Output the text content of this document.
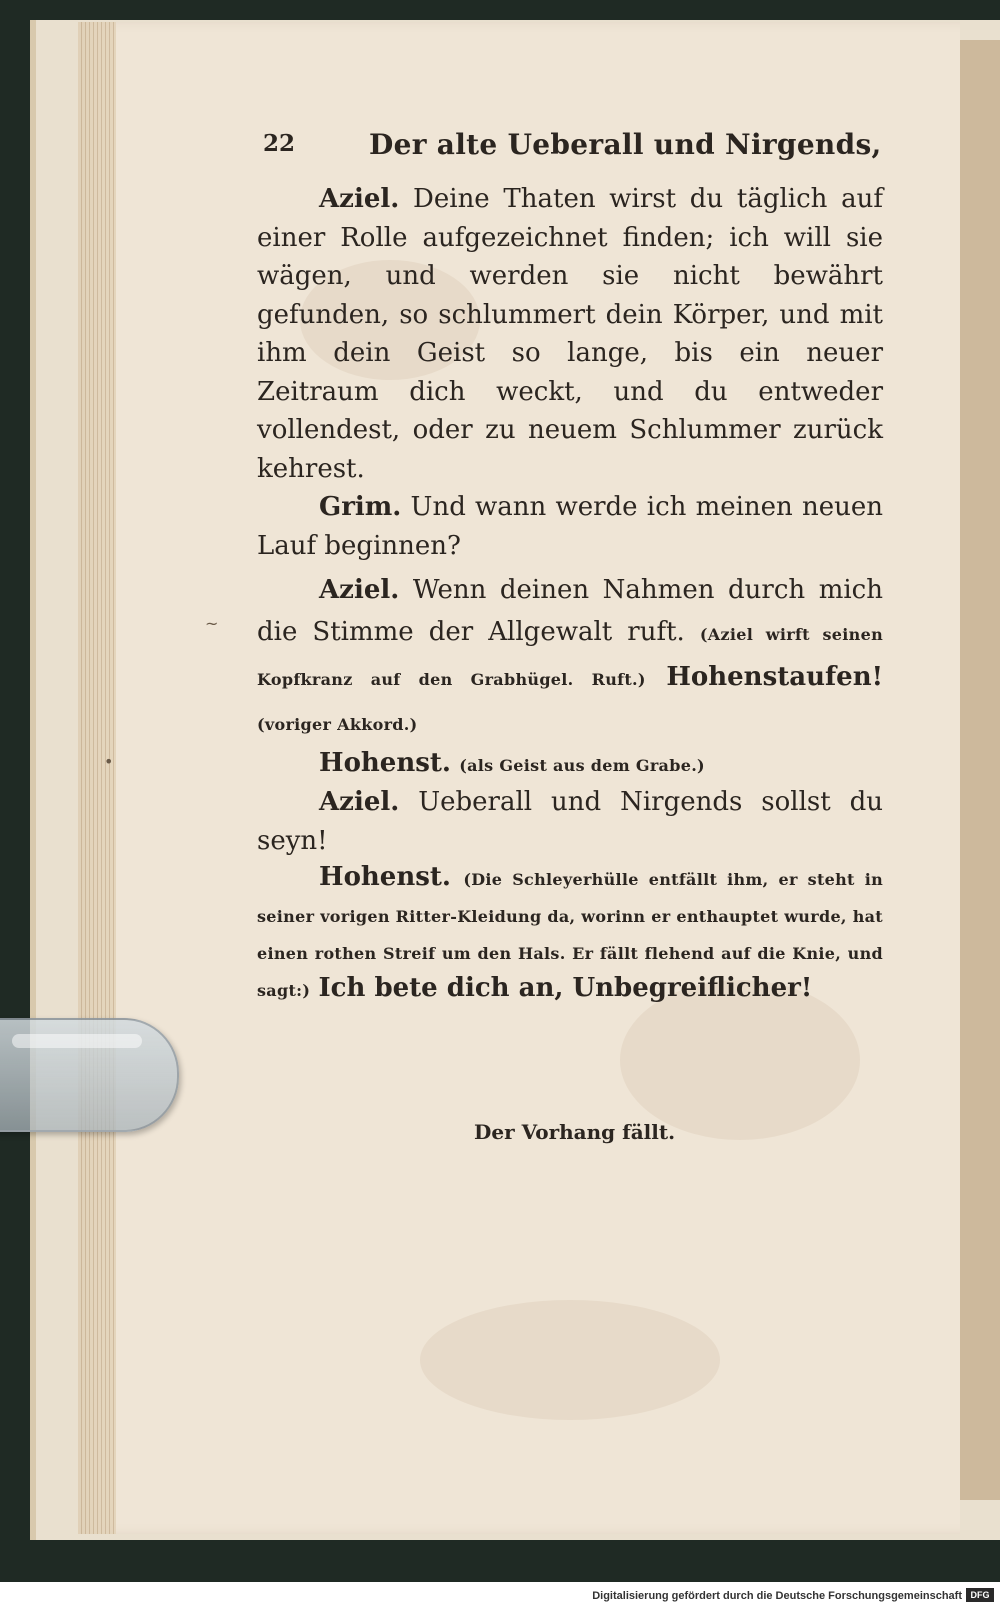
~
•
22	Der alte Ueberall und Nirgends,

Aziel. Deine Thaten wirst du täglich auf einer Rolle aufgezeichnet finden; ich will sie wägen, und werden sie nicht bewährt gefunden, so schlummert dein Körper, und mit ihm dein Geist so lange, bis ein neuer Zeitraum dich weckt, und du entweder vollendest, oder zu neuem Schlummer zurück kehrest.

Grim. Und wann werde ich meinen neuen Lauf beginnen?

Aziel. Wenn deinen Nahmen durch mich die Stimme der Allgewalt ruft. (Aziel wirft seinen Kopfkranz auf den Grabhügel. Ruft.) Hohenstaufen! (voriger Akkord.)

Hohenst. (als Geist aus dem Grabe.)

Aziel. Ueberall und Nirgends sollst du seyn!

Hohenst. (Die Schleyerhülle entfällt ihm, er steht in seiner vorigen Ritter-Kleidung da, worinn er enthauptet wurde, hat einen rothen Streif um den Hals. Er fällt flehend auf die Knie, und sagt:) Ich bete dich an, Unbegreiflicher!

Der Vorhang fällt.
Digitalisierung gefördert durch die Deutsche Forschungsgemeinschaft DFG
